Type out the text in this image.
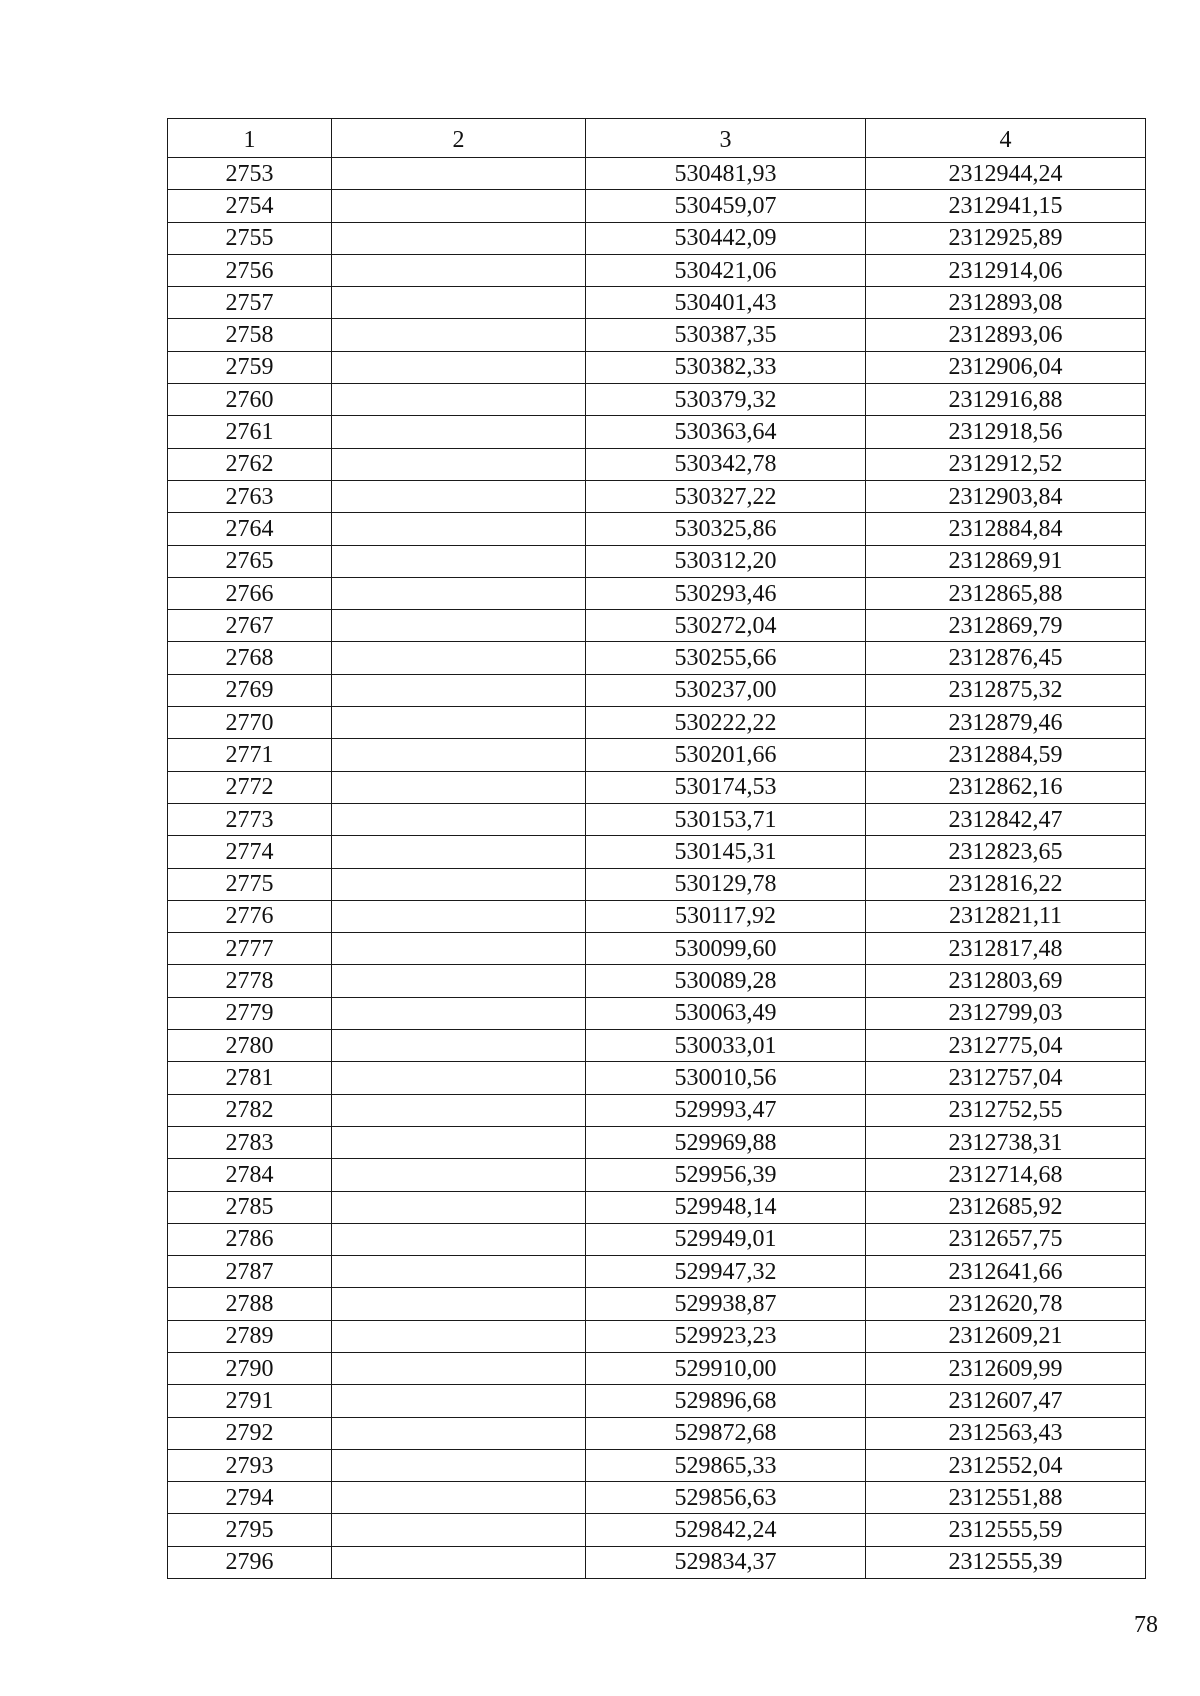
1	2	3	4
2753		530481,93	2312944,24
2754		530459,07	2312941,15
2755		530442,09	2312925,89
2756		530421,06	2312914,06
2757		530401,43	2312893,08
2758		530387,35	2312893,06
2759		530382,33	2312906,04
2760		530379,32	2312916,88
2761		530363,64	2312918,56
2762		530342,78	2312912,52
2763		530327,22	2312903,84
2764		530325,86	2312884,84
2765		530312,20	2312869,91
2766		530293,46	2312865,88
2767		530272,04	2312869,79
2768		530255,66	2312876,45
2769		530237,00	2312875,32
2770		530222,22	2312879,46
2771		530201,66	2312884,59
2772		530174,53	2312862,16
2773		530153,71	2312842,47
2774		530145,31	2312823,65
2775		530129,78	2312816,22
2776		530117,92	2312821,11
2777		530099,60	2312817,48
2778		530089,28	2312803,69
2779		530063,49	2312799,03
2780		530033,01	2312775,04
2781		530010,56	2312757,04
2782		529993,47	2312752,55
2783		529969,88	2312738,31
2784		529956,39	2312714,68
2785		529948,14	2312685,92
2786		529949,01	2312657,75
2787		529947,32	2312641,66
2788		529938,87	2312620,78
2789		529923,23	2312609,21
2790		529910,00	2312609,99
2791		529896,68	2312607,47
2792		529872,68	2312563,43
2793		529865,33	2312552,04
2794		529856,63	2312551,88
2795		529842,24	2312555,59
2796		529834,37	2312555,39
78
